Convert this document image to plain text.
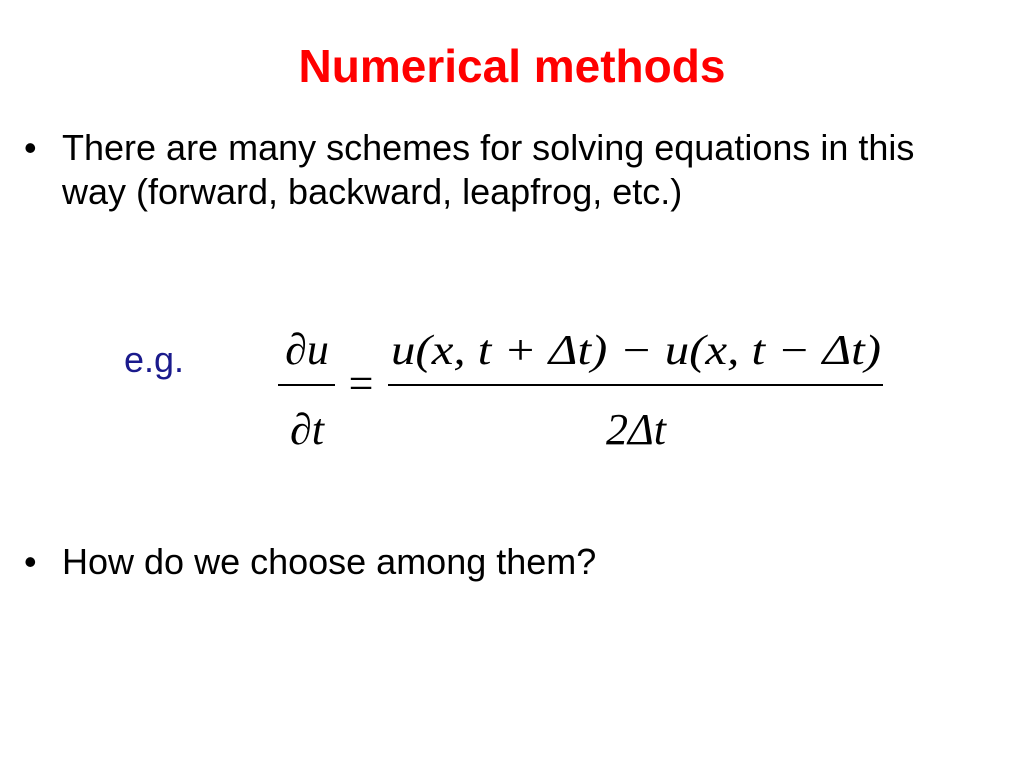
Numerical methods
• There are many schemes for solving equations in this way (forward, backward, leapfrog, etc.)
e.g. ∂u
∂t
=
u(x, t + Δt) − u(x, t − Δt)
2Δt
• How do we choose among them?
